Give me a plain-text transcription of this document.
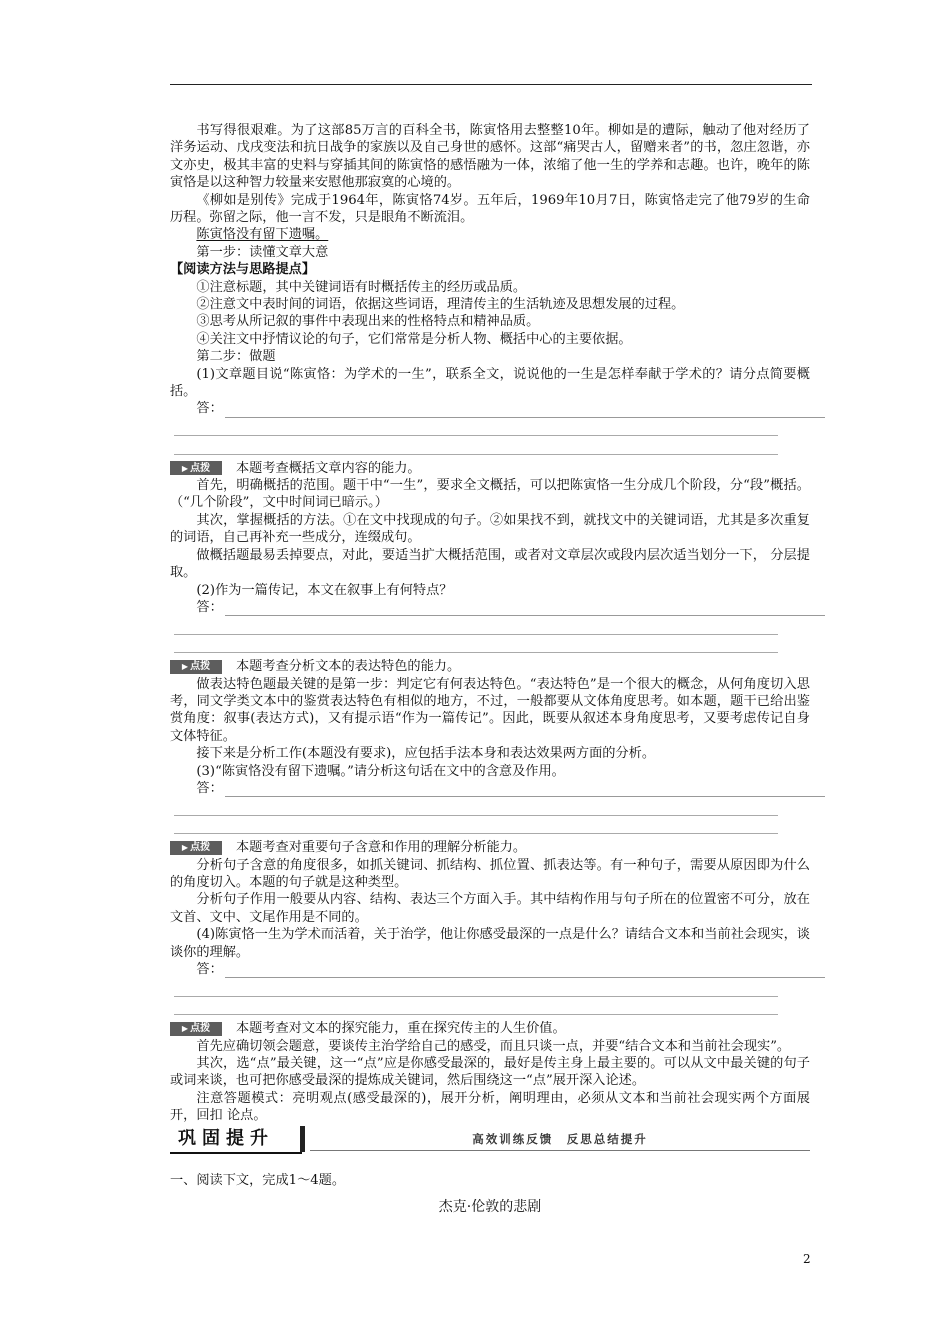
书写得很艰难。为了这部85万言的百科全书，陈寅恪用去整整10年。柳如是的遭际，触动了他对经历了洋务运动、戊戌变法和抗日战争的家族以及自己身世的感怀。这部“痛哭古人，留赠来者”的书，忽庄忽谐，亦文亦史，极其丰富的史料与穿插其间的陈寅恪的感悟融为一体，浓缩了他一生的学养和志趣。也许，晚年的陈寅恪是以这种智力较量来安慰他那寂寞的心境的。

《柳如是别传》完成于1964年，陈寅恪74岁。五年后，1969年10月7日，陈寅恪走完了他79岁的生命历程。弥留之际，他一言不发，只是眼角不断流泪。

陈寅恪没有留下遗嘱。

第一步：读懂文章大意

【阅读方法与思路提点】

①注意标题，其中关键词语有时概括传主的经历或品质。

②注意文中表时间的词语，依据这些词语，理清传主的生活轨迹及思想发展的过程。

③思考从所记叙的事件中表现出来的性格特点和精神品质。

④关注文中抒情议论的句子，它们常常是分析人物、概括中心的主要依据。

第二步：做题

(1)文章题目说“陈寅恪：为学术的一生”，联系全文，说说他的一生是怎样奉献于学术的？请分点简要概括。

答：
▶ 点拨 本题考查概括文章内容的能力。

首先，明确概括的范围。题干中“一生”，要求全文概括，可以把陈寅恪一生分成几个阶段，分“段”概括。（“几个阶段”，文中时间词已暗示。）

其次，掌握概括的方法。①在文中找现成的句子。②如果找不到，就找文中的关键词语，尤其是多次重复的词语，自己再补充一些成分，连缀成句。

做概括题最易丢掉要点，对此，要适当扩大概括范围，或者对文章层次或段内层次适当划分一下， 分层提取。

(2)作为一篇传记，本文在叙事上有何特点？

答：
▶ 点拨 本题考查分析文本的表达特色的能力。

做表达特色题最关键的是第一步：判定它有何表达特色。“表达特色”是一个很大的概念，从何角度切入思考，同文学类文本中的鉴赏表达特色有相似的地方，不过，一般都要从文体角度思考。如本题，题干已给出鉴赏角度：叙事(表达方式)，又有提示语“作为一篇传记”。因此，既要从叙述本身角度思考，又要考虑传记自身文体特征。

接下来是分析工作(本题没有要求)，应包括手法本身和表达效果两方面的分析。

(3)“陈寅恪没有留下遗嘱。”请分析这句话在文中的含意及作用。

答：
▶ 点拨 本题考查对重要句子含意和作用的理解分析能力。

分析句子含意的角度很多，如抓关键词、抓结构、抓位置、抓表达等。有一种句子，需要从原因即为什么的角度切入。本题的句子就是这种类型。

分析句子作用一般要从内容、结构、表达三个方面入手。其中结构作用与句子所在的位置密不可分，放在文首、文中、文尾作用是不同的。

(4)陈寅恪一生为学术而活着，关于治学，他让你感受最深的一点是什么？请结合文本和当前社会现实，谈谈你的理解。

答：
▶ 点拨 本题考查对文本的探究能力，重在探究传主的人生价值。

首先应确切领会题意，要谈传主治学给自己的感受，而且只谈一点，并要“结合文本和当前社会现实”。

其次，选“点”最关键，这一“点”应是你感受最深的，最好是传主身上最主要的。可以从文中最关键的句子或词来谈，也可把你感受最深的提炼成关键词，然后围绕这一“点”展开深入论述。

注意答题模式：亮明观点(感受最深的)，展开分析，阐明理由，必须从文本和当前社会现实两个方面展开，回扣 论点。

巩固提升	高效训练反馈　反思总结提升

一、阅读下文，完成1～4题。

杰克·伦敦的悲剧

2
